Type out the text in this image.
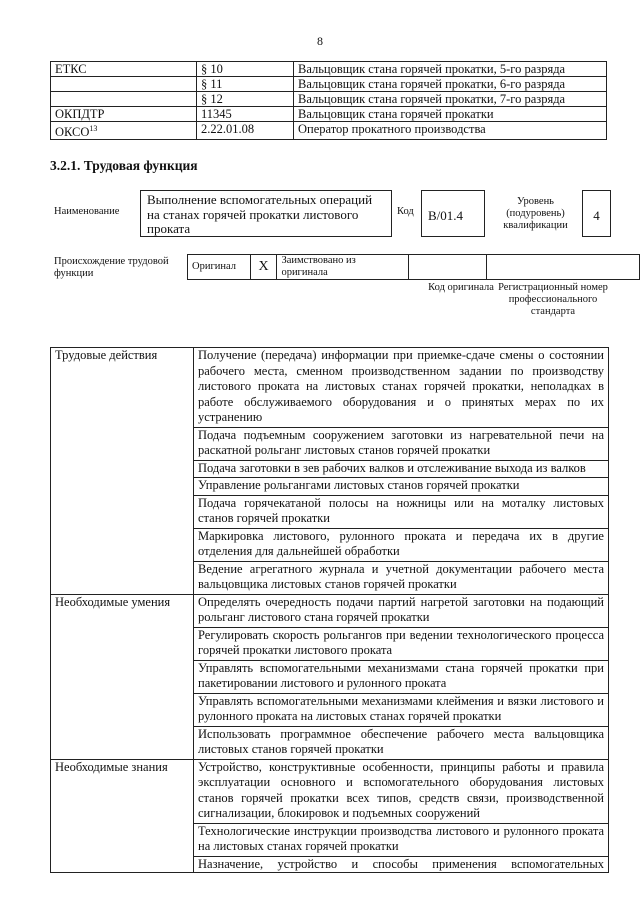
8
ЕТКС	§ 10	Вальцовщик стана горячей прокатки, 5-го разряда
	§ 11	Вальцовщик стана горячей прокатки, 6-го разряда
	§ 12	Вальцовщик стана горячей прокатки, 7-го разряда
ОКПДТР	11345	Вальцовщик стана горячей прокатки
ОКСО$^{13}$	2.22.01.08	Оператор прокатного производства
3.2.1. Трудовая функция
Наименование
Выполнение вспомогательных операций на станах горячей прокатки листового проката
Код	В/01.4
Уровень (подуровень) квалификации
4
Происхождение трудовой функции
Оригинал	X	Заимствовано из оригинала		
Код оригинала Регистрационный номер профессионального стандарта
Трудовые действия	Получение (передача) информации при приемке-сдаче смены о состоянии рабочего места, сменном производственном задании по производству листового проката на листовых станах горячей прокатки, неполадках в работе обслуживаемого оборудования и о принятых мерах по их устранению
	Подача подъемным сооружением заготовки из нагревательной печи на раскатной рольганг листовых станов горячей прокатки
	Подача заготовки в зев рабочих валков и отслеживание выхода из валков
	Управление рольгангами листовых станов горячей прокатки
	Подача горячекатаной полосы на ножницы или на моталку листовых станов горячей прокатки
	Маркировка листового, рулонного проката и передача их в другие отделения для дальнейшей обработки
	Ведение агрегатного журнала и учетной документации рабочего места вальцовщика листовых станов горячей прокатки
Необходимые умения	Определять очередность подачи партий нагретой заготовки на подающий рольганг листового стана горячей прокатки
	Регулировать скорость рольгангов при ведении технологического процесса горячей прокатки листового проката
	Управлять вспомогательными механизмами стана горячей прокатки при пакетировании листового и рулонного проката
	Управлять вспомогательными механизмами клеймения и вязки листового и рулонного проката на листовых станах горячей прокатки
	Использовать программное обеспечение рабочего места вальцовщика листовых станов горячей прокатки
Необходимые знания	Устройство, конструктивные особенности, принципы работы и правила эксплуатации основного и вспомогательного оборудования листовых станов горячей прокатки всех типов, средств связи, производственной сигнализации, блокировок и подъемных сооружений
	Технологические инструкции производства листового и рулонного проката на листовых станах горячей прокатки

	Назначение, устройство и способы применения вспомогательных
